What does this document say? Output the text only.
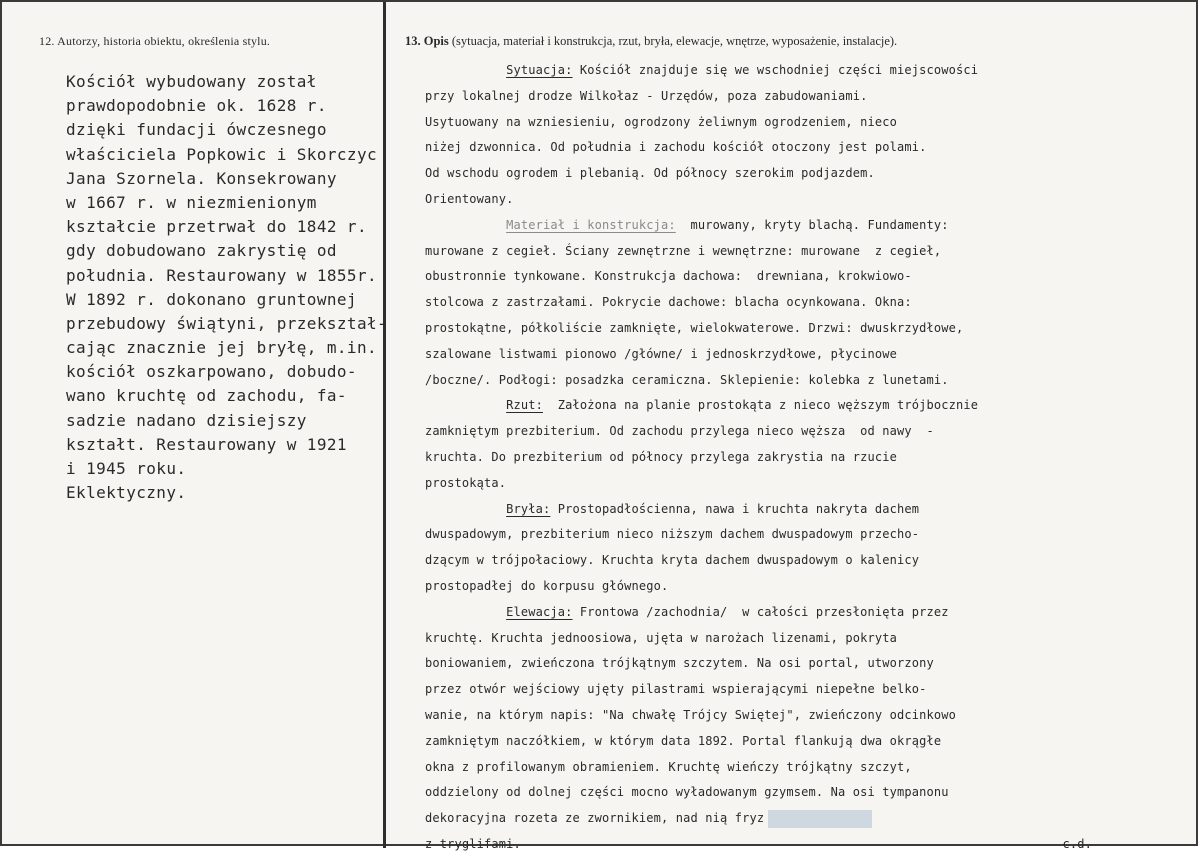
12. Autorzy, historia obiektu, określenia stylu.	13. Opis (sytuacja, materiał i konstrukcja, rzut, bryła, elewacje, wnętrze, wyposażenie, instalacje).
Kościół wybudowany został
prawdopodobnie ok. 1628 r.
dzięki fundacji ówczesnego
właściciela Popkowic i Skorczyc
Jana Szornela. Konsekrowany
w 1667 r. w niezmienionym
kształcie przetrwał do 1842 r.
gdy dobudowano zakrystię od
południa. Restaurowany w 1855r.
W 1892 r. dokonano gruntownej
przebudowy świątyni, przekształ-
cając znacznie jej bryłę, m.in.
kościół oszkarpowano, dobudo-
wano kruchtę od zachodu, fa-
sadzie nadano dzisiejszy
kształt. Restaurowany w 1921
i 1945 roku.
Eklektyczny.
Sytuacja: Kościół znajduje się we wschodniej części miejscowości
przy lokalnej drodze Wilkołaz - Urzędów, poza zabudowaniami.
Usytuowany na wzniesieniu, ogrodzony żeliwnym ogrodzeniem, nieco
niżej dzwonnica. Od południa i zachodu kościół otoczony jest polami.
Od wschodu ogrodem i plebanią. Od północy szerokim podjazdem.
Orientowany.
Materiał i konstrukcja:  murowany, kryty blachą. Fundamenty:
murowane z cegieł. Ściany zewnętrzne i wewnętrzne: murowane  z cegieł,
obustronnie tynkowane. Konstrukcja dachowa:  drewniana, krokwiowo-
stolcowa z zastrzałami. Pokrycie dachowe: blacha ocynkowana. Okna:
prostokątne, półkoliście zamknięte, wielokwaterowe. Drzwi: dwuskrzydłowe,
szalowane listwami pionowo /główne/ i jednoskrzydłowe, płycinowe
/boczne/. Podłogi: posadzka ceramiczna. Sklepienie: kolebka z lunetami.
Rzut:  Założona na planie prostokąta z nieco węższym trójbocznie
zamkniętym prezbiterium. Od zachodu przylega nieco węższa  od nawy  -
kruchta. Do prezbiterium od północy przylega zakrystia na rzucie
prostokąta.
Bryła: Prostopadłościenna, nawa i kruchta nakryta dachem
dwuspadowym, prezbiterium nieco niższym dachem dwuspadowym przecho-
dzącym w trójpołaciowy. Kruchta kryta dachem dwuspadowym o kalenicy
prostopadłej do korpusu głównego.
Elewacja: Frontowa /zachodnia/  w całości przesłonięta przez
kruchtę. Kruchta jednoosiowa, ujęta w narożach lizenami, pokryta
boniowaniem, zwieńczona trójkątnym szczytem. Na osi portal, utworzony
przez otwór wejściowy ujęty pilastrami wspierającymi niepełne belko-
wanie, na którym napis: "Na chwałę Trójcy Swiętej", zwieńczony odcinkowo
zamkniętym naczółkiem, w którym data 1892. Portal flankują dwa okrągłe
okna z profilowanym obramieniem. Kruchtę wieńczy trójkątny szczyt,
oddzielony od dolnej części mocno wyładowanym gzymsem. Na osi tympanonu
dekoracyjna rozeta ze zwornikiem, nad nią fryz
z tryglifami.	c.d.
